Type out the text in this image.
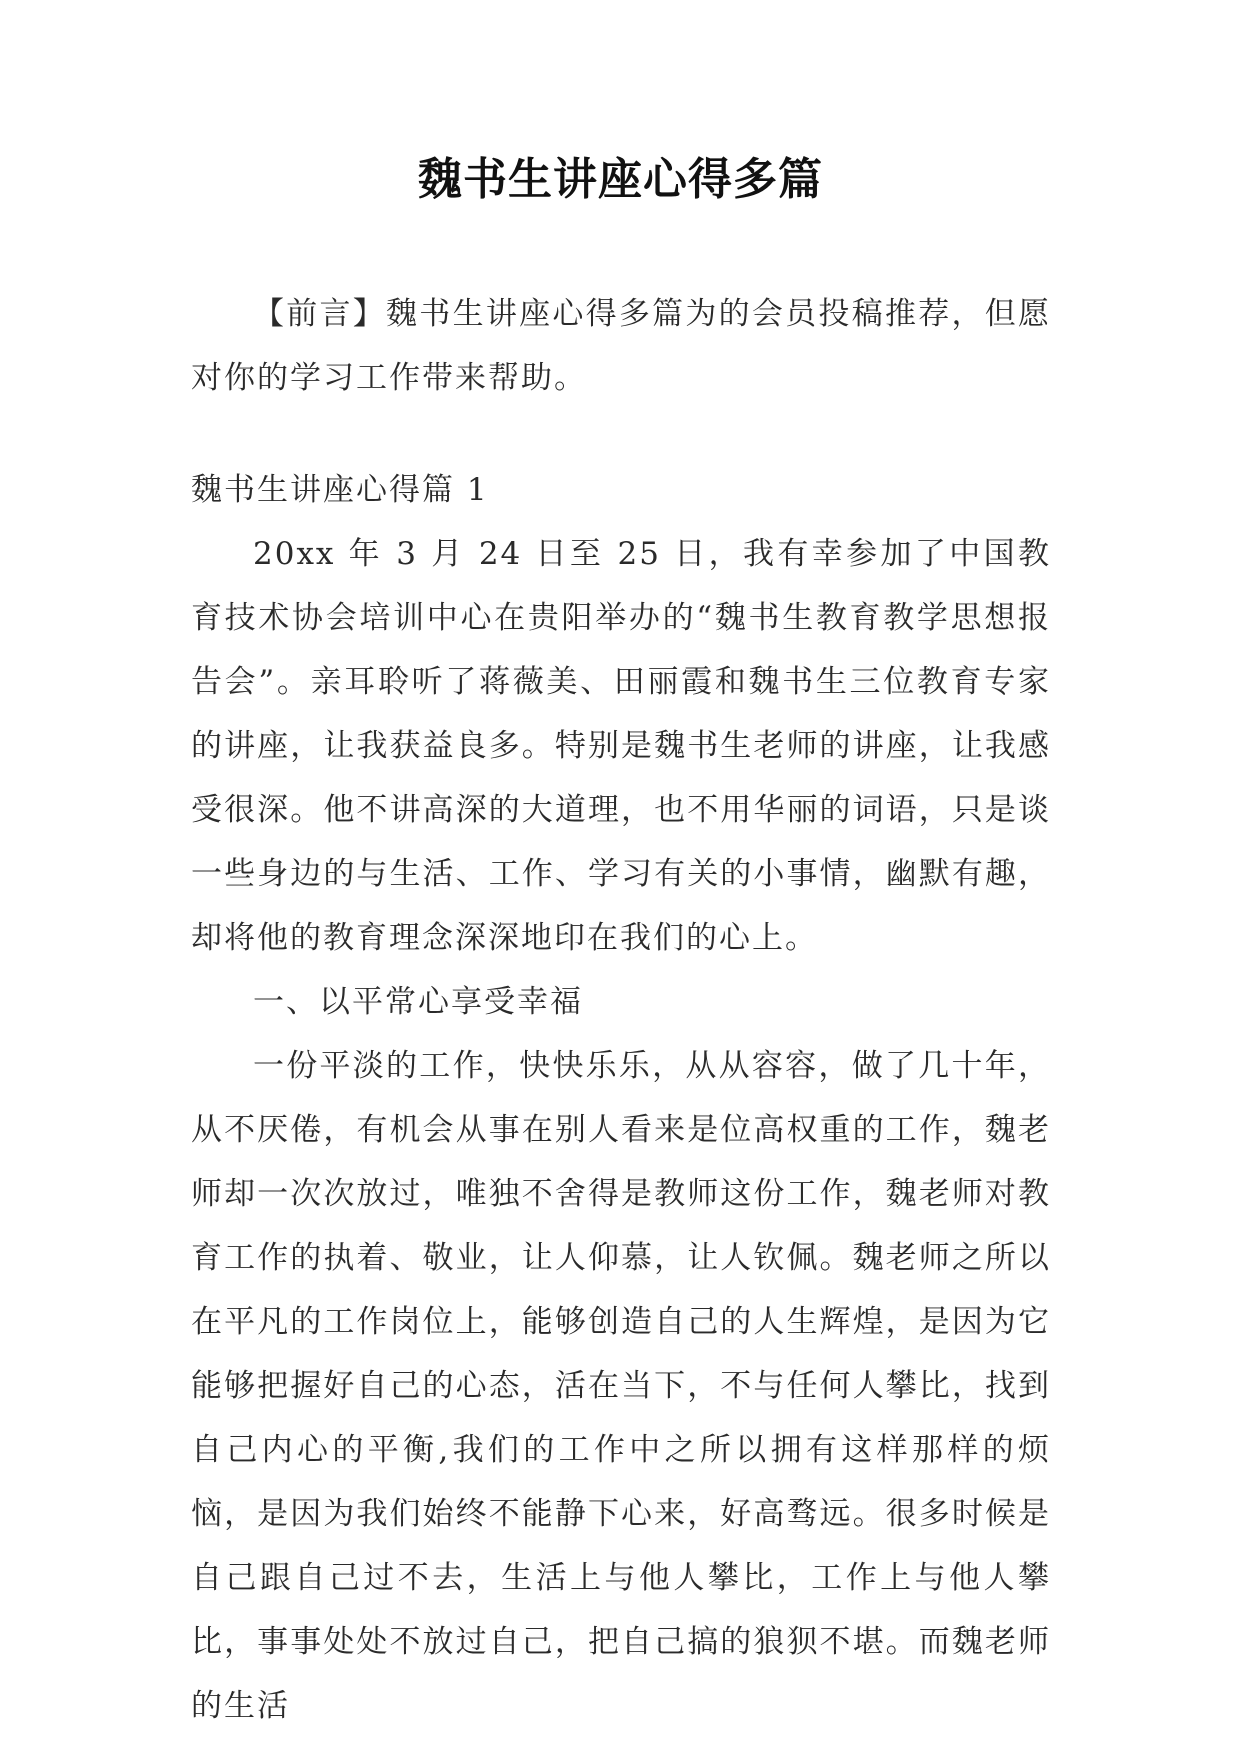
魏书生讲座心得多篇

【前言】魏书生讲座心得多篇为的会员投稿推荐，但愿对你的学习工作带来帮助。

魏书生讲座心得篇 1

20xx 年 3 月 24 日至 25 日，我有幸参加了中国教育技术协会培训中心在贵阳举办的“魏书生教育教学思想报告会”。亲耳聆听了蒋薇美、田丽霞和魏书生三位教育专家的讲座，让我获益良多。特别是魏书生老师的讲座，让我感受很深。他不讲高深的大道理，也不用华丽的词语，只是谈一些身边的与生活、工作、学习有关的小事情，幽默有趣，却将他的教育理念深深地印在我们的心上。

一、以平常心享受幸福

一份平淡的工作，快快乐乐，从从容容，做了几十年，从不厌倦，有机会从事在别人看来是位高权重的工作，魏老师却一次次放过，唯独不舍得是教师这份工作，魏老师对教育工作的执着、敬业，让人仰慕，让人钦佩。魏老师之所以在平凡的工作岗位上，能够创造自己的人生辉煌，是因为它能够把握好自己的心态，活在当下，不与任何人攀比，找到自己内心的平衡,我们的工作中之所以拥有这样那样的烦恼，是因为我们始终不能静下心来，好高骛远。很多时候是自己跟自己过不去，生活上与他人攀比，工作上与他人攀比，事事处处不放过自己，把自己搞的狼狈不堪。而魏老师的生活
